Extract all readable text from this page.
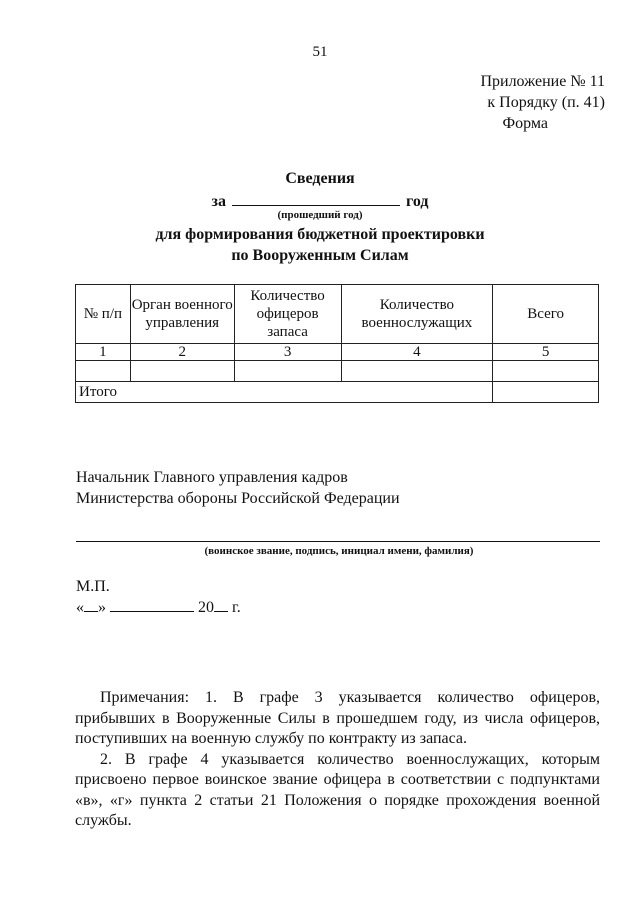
51
Приложение № 11
к Порядку (п. 41)
Форма
Сведения
за	год
(прошедший год)
для формирования бюджетной проектировки
по Вооруженным Силам
№ п/п	Орган военного управления	Количество офицеров запаса	Количество военнослужащих	Всего
1	2	3	4	5

Итого				
Начальник Главного управления кадров
Министерства обороны Российской Федерации
(воинское звание, подпись, инициал имени, фамилия)
М.П.
« »	20 г.

Примечания: 1. В графе 3 указывается количество офицеров, прибывших в Вооруженные Силы в прошедшем году, из числа офицеров, поступивших на военную службу по контракту из запаса.

2. В графе 4 указывается количество военнослужащих, которым присвоено первое воинское звание офицера в соответствии с подпунктами «в», «г» пункта 2 статьи 21 Положения о порядке прохождения военной службы.
